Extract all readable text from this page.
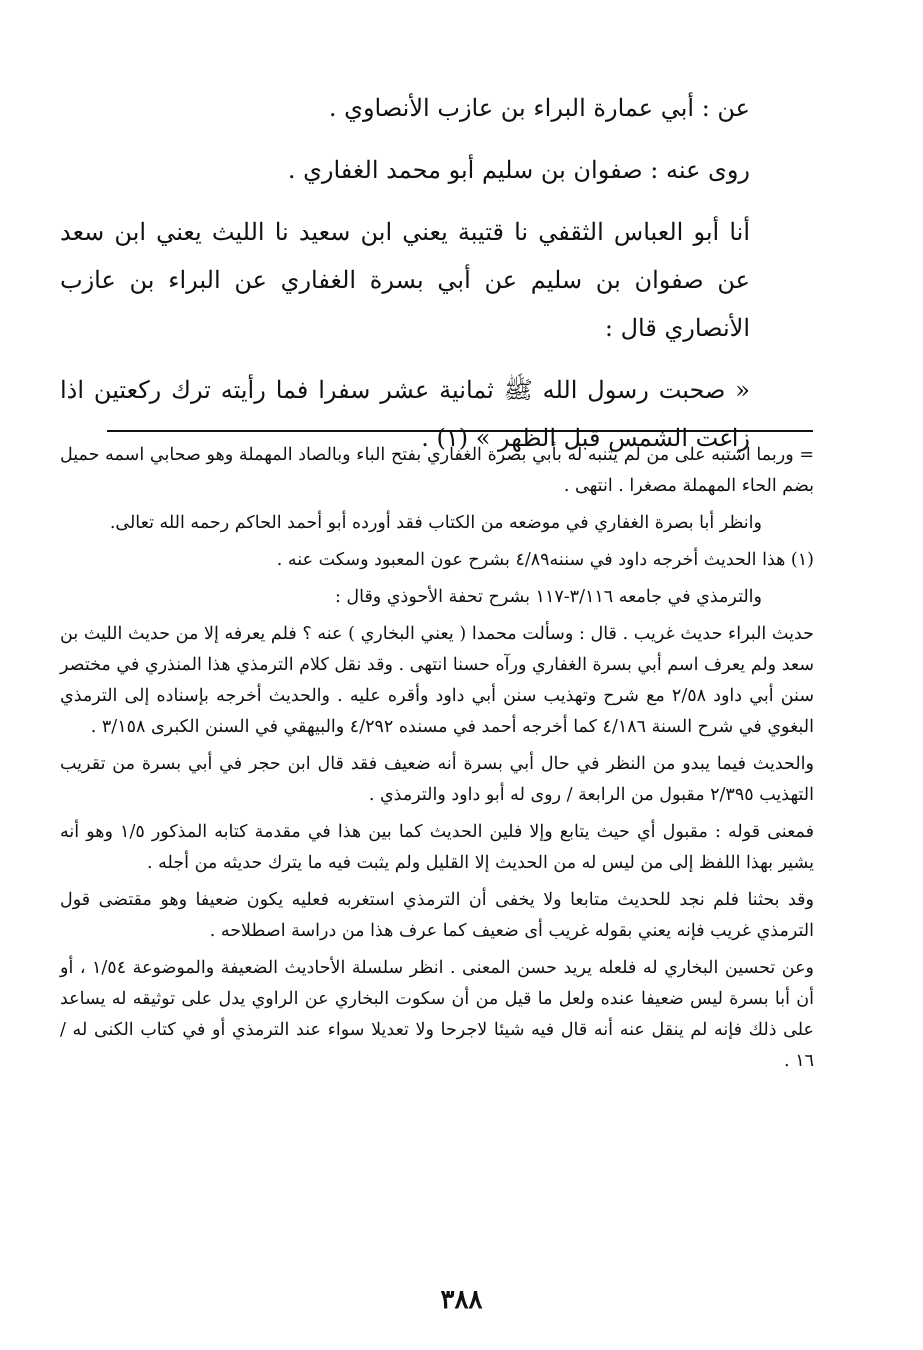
عن : أبي عمارة البراء بن عازب الأنصاوي .

روى عنه : صفوان بن سليم أبو محمد الغفاري .

أنا أبو العباس الثقفي نا قتيبة يعني ابن سعيد نا الليث يعني ابن سعد عن صفوان بن سليم عن أبي بسرة الغفاري عن البراء بن عازب الأنصاري قال :

« صحبت رسول الله ﷺ ثمانية عشر سفرا فما رأيته ترك ركعتين اذا زاغت الشمس قبل الظهر » (١) .

= وربما اشتبه على من لم يتنبه له بأبي بصرة الغفاري بفتح الباء وبالصاد المهملة وهو صحابي اسمه حميل بضم الحاء المهملة مصغرا . انتهى .

وانظر أبا بصرة الغفاري في موضعه من الكتاب فقد أورده أبو أحمد الحاكم رحمه الله تعالى.

(١) هذا الحديث أخرجه داود في سننه٤/٨٩ بشرح عون المعبود وسكت عنه .

والترمذي في جامعه ٣/١١٦-١١٧ بشرح تحفة الأحوذي وقال :

حديث البراء حديث غريب . قال : وسألت محمدا ( يعني البخاري ) عنه ؟ فلم يعرفه إلا من حديث الليث بن سعد ولم يعرف اسم أبي بسرة الغفاري ورآه حسنا انتهى . وقد نقل كلام الترمذي هذا المنذري في مختصر سنن أبي داود ٢/٥٨ مع شرح وتهذيب سنن أبي داود وأقره عليه . والحديث أخرجه بإسناده إلى الترمذي البغوي في شرح السنة ٤/١٨٦ كما أخرجه أحمد في مسنده ٤/٢٩٢ والبيهقي في السنن الكبرى ٣/١٥٨ .

والحديث فيما يبدو من النظر في حال أبي بسرة أنه ضعيف فقد قال ابن حجر في أبي بسرة من تقريب التهذيب ٢/٣٩٥ مقبول من الرابعة / روى له أبو داود والترمذي .

فمعنى قوله : مقبول أي حيث يتابع وإلا فلين الحديث كما بين هذا في مقدمة كتابه المذكور ١/٥ وهو أنه يشير بهذا اللفظ إلى من ليس له من الحديث إلا القليل ولم يثبت فيه ما يترك حديثه من أجله .

وقد بحثنا فلم نجد للحديث متابعا ولا يخفى أن الترمذي استغربه فعليه يكون ضعيفا وهو مقتضى قول الترمذي غريب فإنه يعني بقوله غريب أى ضعيف كما عرف هذا من دراسة اصطلاحه .

وعن تحسين البخاري له فلعله يريد حسن المعنى . انظر سلسلة الأحاديث الضعيفة والموضوعة ١/٥٤ ، أو أن أبا بسرة ليس ضعيفا عنده ولعل ما قيل من أن سكوت البخاري عن الراوي يدل على توثيقه له يساعد على ذلك فإنه لم ينقل عنه أنه قال فيه شيئا لاجرحا ولا تعديلا سواء عند الترمذي أو في كتاب الكنى له / ١٦ .

٣٨٨
